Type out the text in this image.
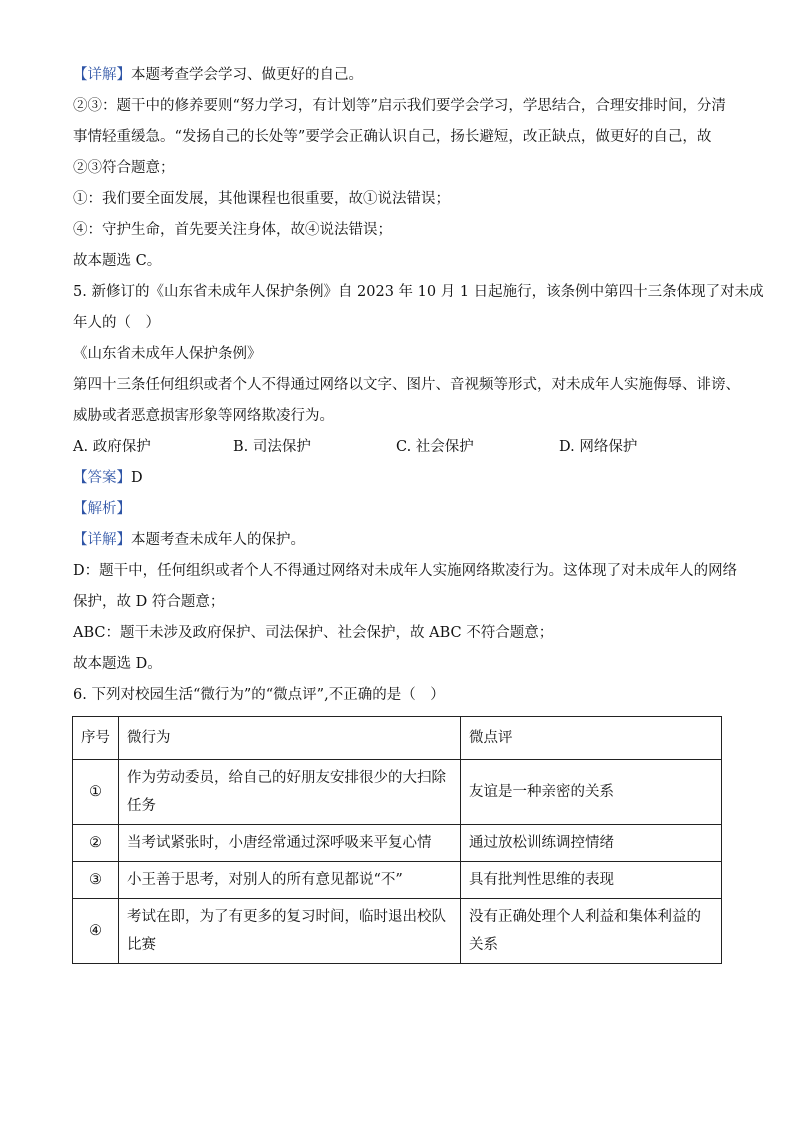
【详解】本题考查学会学习、做更好的自己。
②③：题干中的修养要则“努力学习，有计划等”启示我们要学会学习，学思结合，合理安排时间，分清
事情轻重缓急。“发扬自己的长处等”要学会正确认识自己，扬长避短，改正缺点，做更好的自己，故
②③符合题意；
①：我们要全面发展，其他课程也很重要，故①说法错误；
④：守护生命，首先要关注身体，故④说法错误；
故本题选 C。
5. 新修订的《山东省未成年人保护条例》自 2023 年 10 月 1 日起施行，该条例中第四十三条体现了对未成
年人的（　）
《山东省未成年人保护条例》
第四十三条任何组织或者个人不得通过网络以文字、图片、音视频等形式，对未成年人实施侮辱、诽谤、
威胁或者恶意损害形象等网络欺凌行为。
A. 政府保护	B. 司法保护	C. 社会保护	D. 网络保护
【答案】D
【解析】
【详解】本题考查未成年人的保护。
D：题干中，任何组织或者个人不得通过网络对未成年人实施网络欺凌行为。这体现了对未成年人的网络
保护，故 D 符合题意；
ABC：题干未涉及政府保护、司法保护、社会保护，故 ABC 不符合题意；
故本题选 D。
6. 下列对校园生活“微行为”的“微点评”,不正确的是（　）
序号	微行为	微点评
①	作为劳动委员，给自己的好朋友安排很少的大扫除任务	友谊是一种亲密的关系
②	当考试紧张时，小唐经常通过深呼吸来平复心情	通过放松训练调控情绪
③	小王善于思考，对别人的所有意见都说“不”	具有批判性思维的表现
④	考试在即，为了有更多的复习时间，临时退出校队比赛	没有正确处理个人利益和集体利益的关系
